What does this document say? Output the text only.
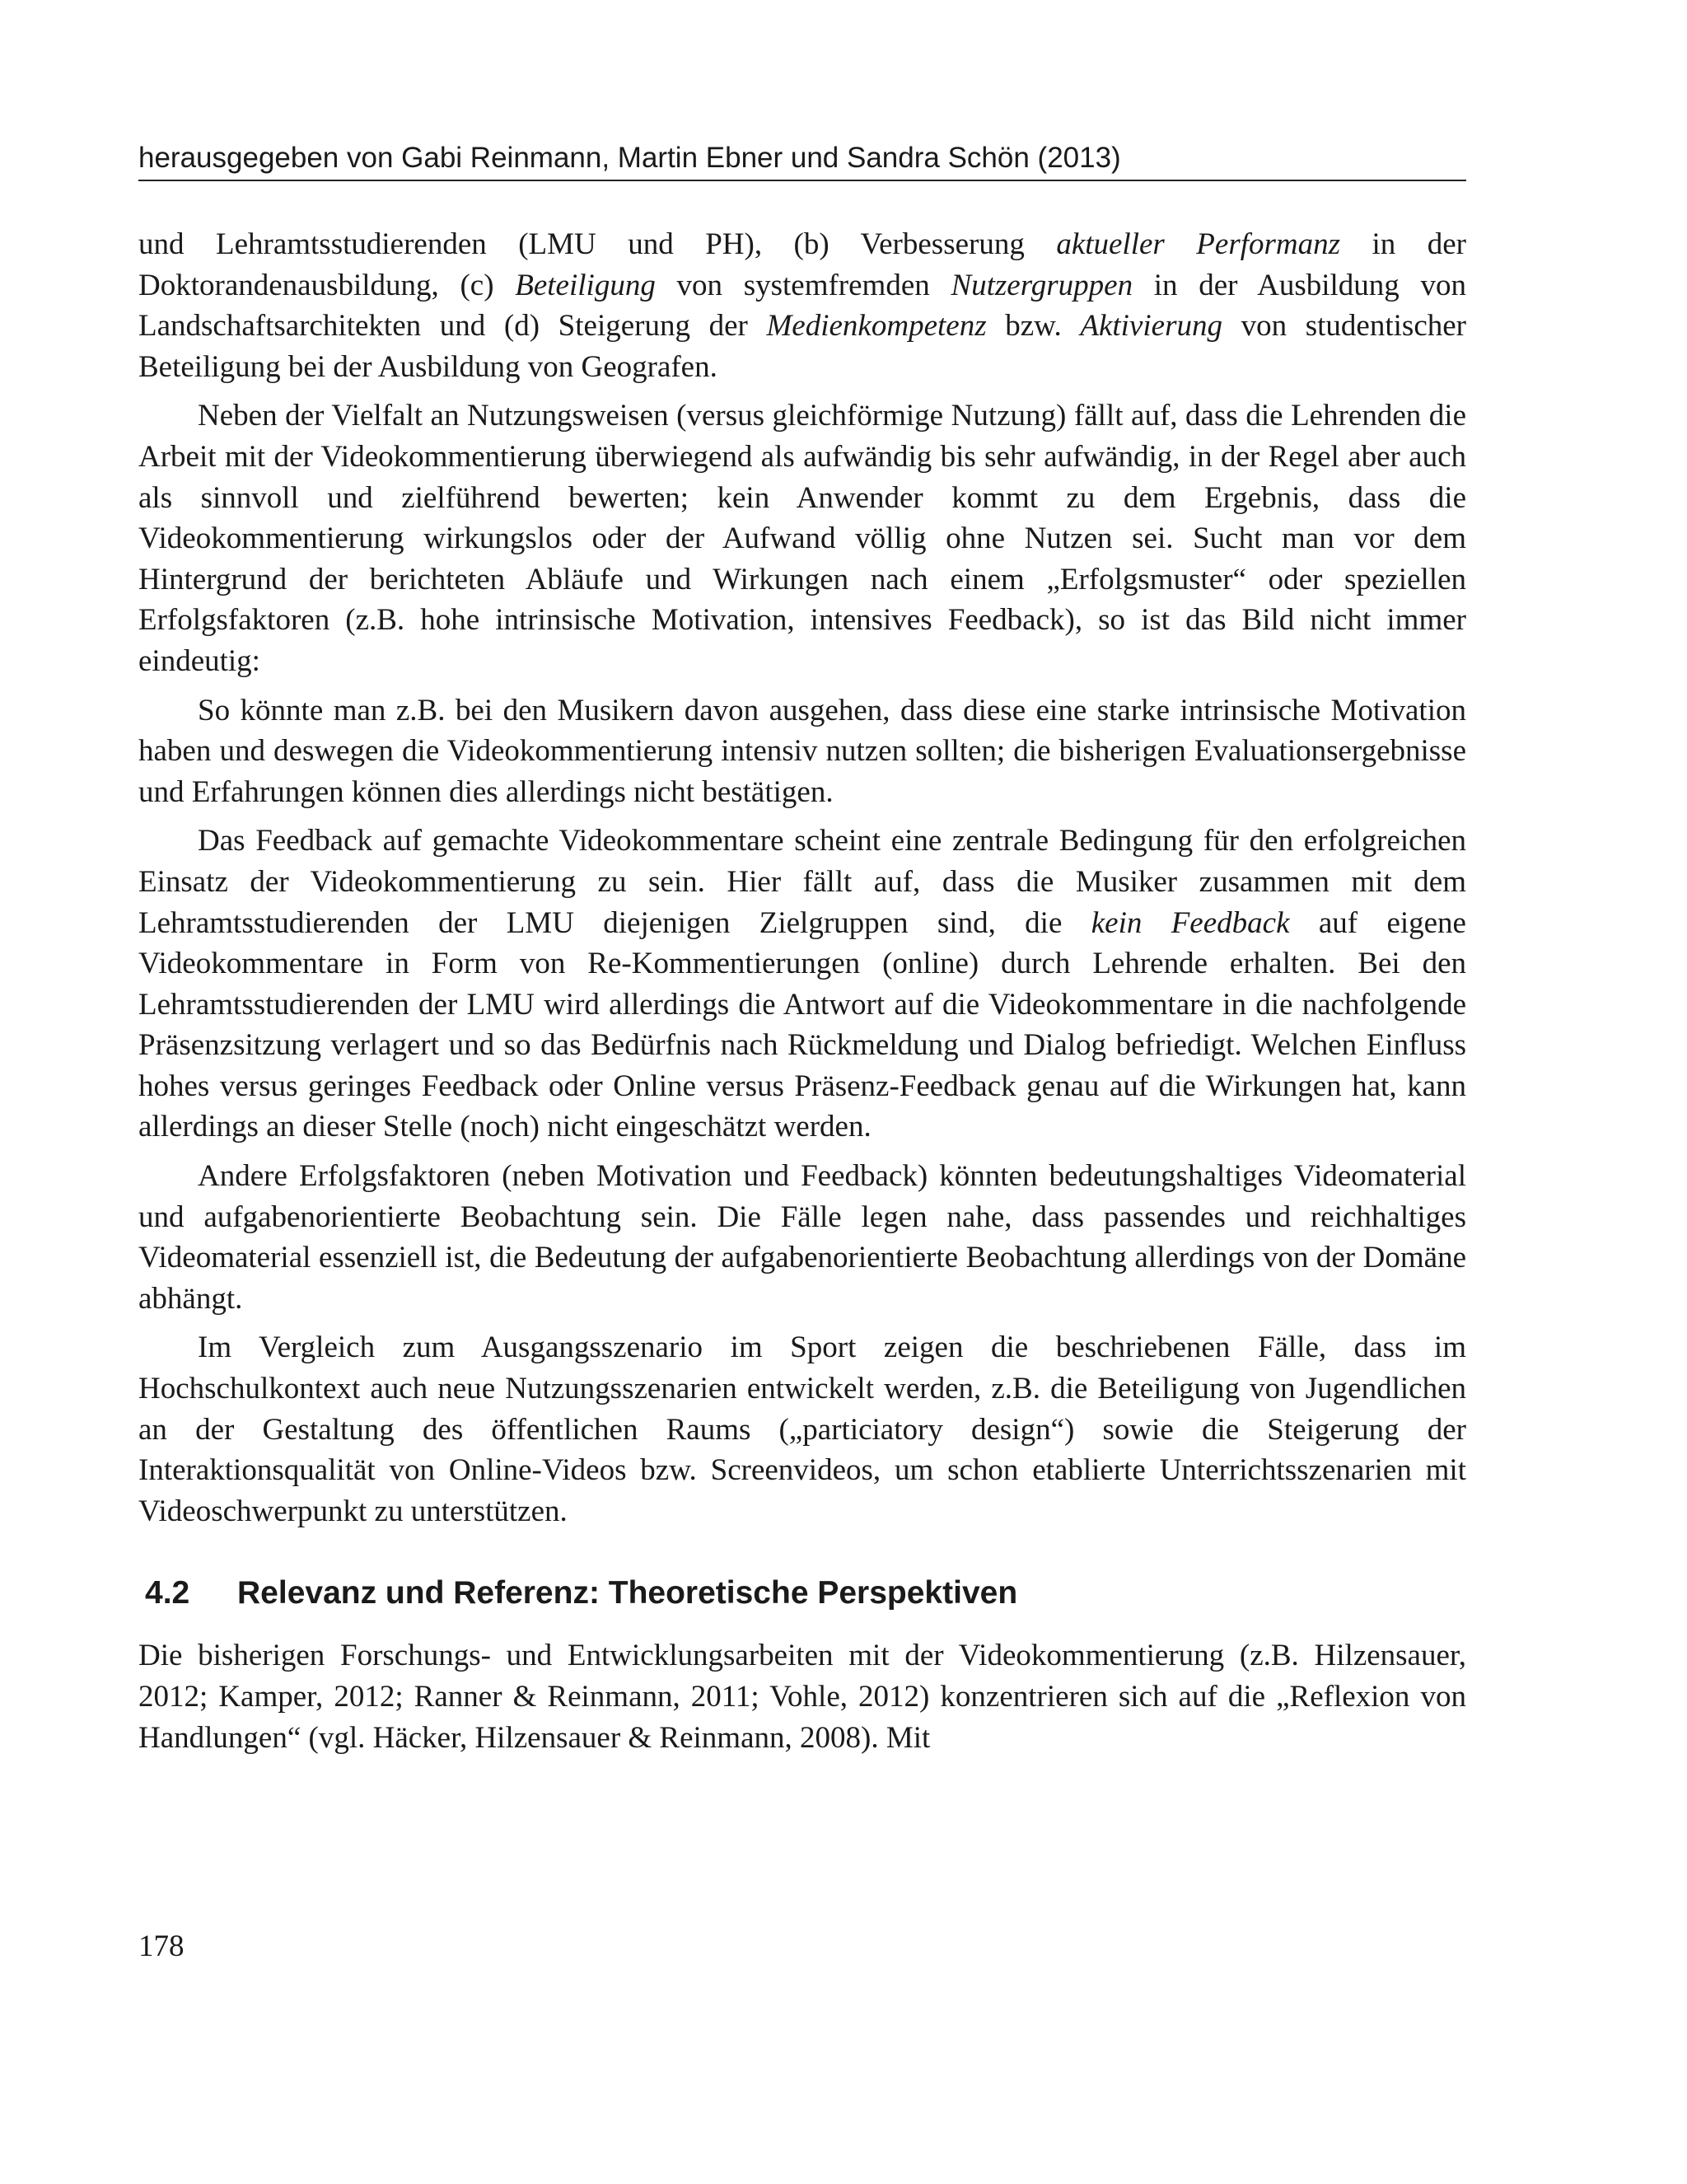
herausgegeben von Gabi Reinmann, Martin Ebner und Sandra Schön (2013)

und Lehramtsstudierenden (LMU und PH), (b) Verbesserung aktueller Performanz in der Doktorandenausbildung, (c) Beteiligung von systemfremden Nutzergruppen in der Ausbildung von Landschaftsarchitekten und (d) Steigerung der Medienkompetenz bzw. Aktivierung von studentischer Beteiligung bei der Ausbildung von Geografen.

Neben der Vielfalt an Nutzungsweisen (versus gleichförmige Nutzung) fällt auf, dass die Lehrenden die Arbeit mit der Videokommentierung überwiegend als aufwändig bis sehr aufwändig, in der Regel aber auch als sinnvoll und zielführend bewerten; kein Anwender kommt zu dem Ergebnis, dass die Videokommentierung wirkungslos oder der Aufwand völlig ohne Nutzen sei. Sucht man vor dem Hintergrund der berichteten Abläufe und Wirkungen nach einem „Erfolgsmuster“ oder speziellen Erfolgsfaktoren (z.B. hohe intrinsische Motivation, intensives Feedback), so ist das Bild nicht immer eindeutig:

So könnte man z.B. bei den Musikern davon ausgehen, dass diese eine starke intrinsische Motivation haben und deswegen die Videokommentierung intensiv nutzen sollten; die bisherigen Evaluationsergebnisse und Erfahrungen können dies allerdings nicht bestätigen.

Das Feedback auf gemachte Videokommentare scheint eine zentrale Bedingung für den erfolgreichen Einsatz der Videokommentierung zu sein. Hier fällt auf, dass die Musiker zusammen mit dem Lehramtsstudierenden der LMU diejenigen Zielgruppen sind, die kein Feedback auf eigene Videokommentare in Form von Re-Kommentierungen (online) durch Lehrende erhalten. Bei den Lehramtsstudierenden der LMU wird allerdings die Antwort auf die Videokommentare in die nachfolgende Präsenzsitzung verlagert und so das Bedürfnis nach Rückmeldung und Dialog befriedigt. Welchen Einfluss hohes versus geringes Feedback oder Online versus Präsenz-Feedback genau auf die Wirkungen hat, kann allerdings an dieser Stelle (noch) nicht eingeschätzt werden.

Andere Erfolgsfaktoren (neben Motivation und Feedback) könnten bedeutungshaltiges Videomaterial und aufgabenorientierte Beobachtung sein. Die Fälle legen nahe, dass passendes und reichhaltiges Videomaterial essenziell ist, die Bedeutung der aufgabenorientierte Beobachtung allerdings von der Domäne abhängt.

Im Vergleich zum Ausgangsszenario im Sport zeigen die beschriebenen Fälle, dass im Hochschulkontext auch neue Nutzungsszenarien entwickelt werden, z.B. die Beteiligung von Jugendlichen an der Gestaltung des öffentlichen Raums („particiatory design“) sowie die Steigerung der Interaktionsqualität von Online-Videos bzw. Screenvideos, um schon etablierte Unterrichtsszenarien mit Videoschwerpunkt zu unterstützen.

4.2 Relevanz und Referenz: Theoretische Perspektiven

Die bisherigen Forschungs- und Entwicklungsarbeiten mit der Videokommentierung (z.B. Hilzensauer, 2012; Kamper, 2012; Ranner & Reinmann, 2011; Vohle, 2012) konzentrieren sich auf die „Reflexion von Handlungen“ (vgl. Häcker, Hilzensauer & Reinmann, 2008). Mit

178
